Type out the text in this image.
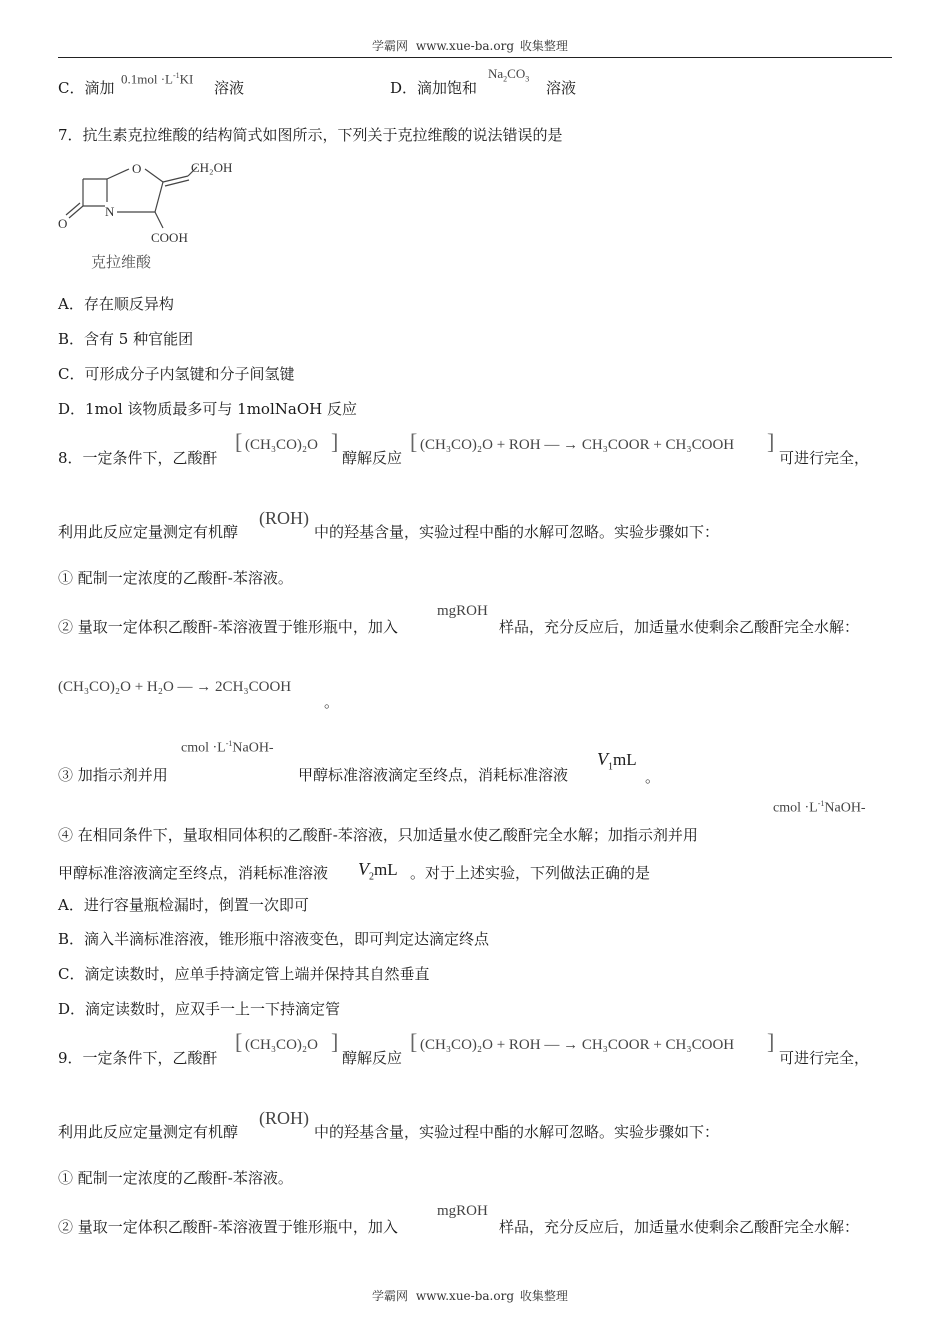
学霸网 www.xue-ba.org 收集整理
C．滴加
$0.1mol \cdot L^{-1}KI$
溶液	D．滴加饱和
$Na_2CO_3$ 溶液
7．抗生素克拉维酸的结构简式如图所示，下列关于克拉维酸的说法错误的是
O	CH₂OH
N
O
COOH
克拉维酸
A．存在顺反异构
B．含有 5 种官能团
C．可形成分子内氢键和分子间氢键
D．1mol 该物质最多可与 1molNaOH 反应
8．一定条件下，乙酸酐
[ (CH₃CO)₂O ]
醇解反应
[ (CH₃CO)₂O + ROH — → CH₃COOR + CH₃COOH ]
可进行完全，
利用此反应定量测定有机醇
(ROH)
中的羟基含量，实验过程中酯的水解可忽略。实验步骤如下：
① 配制一定浓度的乙酸酐-苯溶液。
② 量取一定体积乙酸酐-苯溶液置于锥形瓶中，加入
mgROH
样品，充分反应后，加适量水使剩余乙酸酐完全水解：
(CH₃CO)₂O + H₂O — → 2CH₃COOH
。
cmol $\cdot L^{-1}NaOH-$
③ 加指示剂并用	甲醇标准溶液滴定至终点，消耗标准溶液
$V_1mL$
。
cmol $\cdot L^{-1}NaOH-$
④ 在相同条件下，量取相同体积的乙酸酐-苯溶液，只加适量水使乙酸酐完全水解；加指示剂并用
甲醇标准溶液滴定至终点，消耗标准溶液 $V_2mL$ 。对于上述实验，下列做法正确的是
A．进行容量瓶检漏时，倒置一次即可
B．滴入半滴标准溶液，锥形瓶中溶液变色，即可判定达滴定终点
C．滴定读数时，应单手持滴定管上端并保持其自然垂直
D．滴定读数时，应双手一上一下持滴定管
9．一定条件下，乙酸酐
[ (CH₃CO)₂O ]
醇解反应
[ (CH₃CO)₂O + ROH — → CH₃COOR + CH₃COOH ]
可进行完全，
利用此反应定量测定有机醇
(ROH)
中的羟基含量，实验过程中酯的水解可忽略。实验步骤如下：
① 配制一定浓度的乙酸酐-苯溶液。
② 量取一定体积乙酸酐-苯溶液置于锥形瓶中，加入
mgROH
样品，充分反应后，加适量水使剩余乙酸酐完全水解：
学霸网 www.xue-ba.org 收集整理
